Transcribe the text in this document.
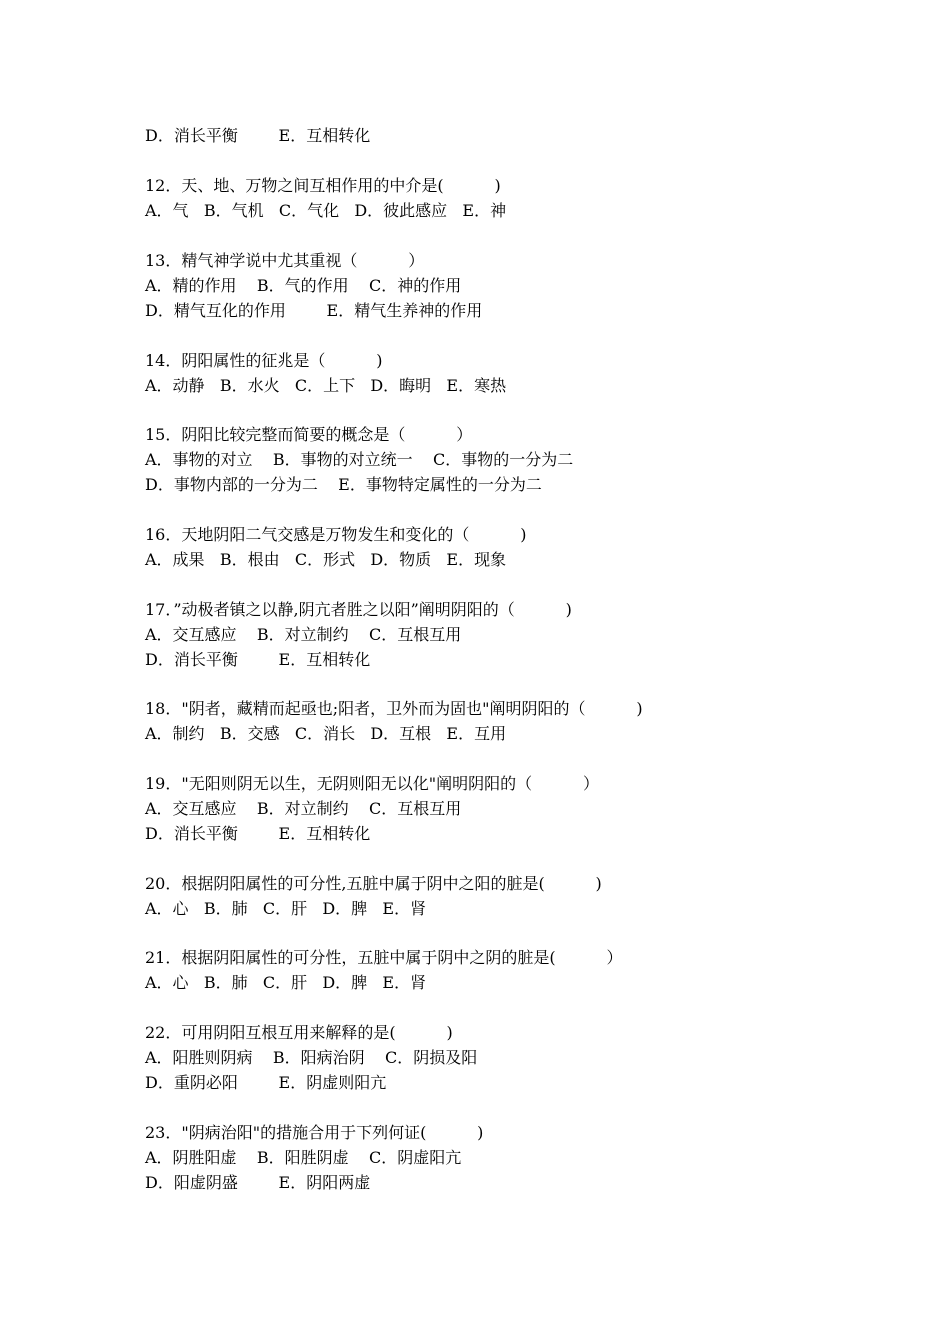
D．消长平衡        E．互相转化
12．天、地、万物之间互相作用的中介是(          )
A．气   B．气机   C．气化   D．彼此感应   E．神
13．精气神学说中尤其重视（          ）
A．精的作用    B．气的作用    C．神的作用
D．精气互化的作用        E．精气生养神的作用
14．阴阳属性的征兆是（          )
A．动静   B．水火   C．上下   D．晦明   E．寒热
15．阴阳比较完整而简要的概念是（          ）
A．事物的对立    B．事物的对立统一    C．事物的一分为二
D．事物内部的一分为二    E．事物特定属性的一分为二
16．天地阴阳二气交感是万物发生和变化的（          )
A．成果   B．根由   C．形式   D．物质   E．现象
17．”动极者镇之以静,阴亢者胜之以阳”阐明阴阳的（          )
A．交互感应    B．对立制约    C．互根互用
D．消长平衡        E．互相转化
18．"阴者，藏精而起亟也;阳者，卫外而为固也"阐明阴阳的（          )
A．制约   B．交感   C．消长   D．互根   E．互用
19．"无阳则阴无以生，无阴则阳无以化"阐明阴阳的（          ）
A．交互感应    B．对立制约    C．互根互用
D．消长平衡        E．互相转化
20．根据阴阳属性的可分性,五脏中属于阴中之阳的脏是(          )
A．心   B．肺   C．肝   D．脾   E．肾
21．根据阴阳属性的可分性，五脏中属于阴中之阴的脏是(          ）
A．心   B．肺   C．肝   D．脾   E．肾
22．可用阴阳互根互用来解释的是(          )
A．阳胜则阴病    B．阳病治阴    C．阴损及阳
D．重阴必阳        E．阴虚则阳亢
23．"阴病治阳"的措施合用于下列何证(          )
A．阴胜阳虚    B．阳胜阴虚    C．阴虚阳亢
D．阳虚阴盛        E．阴阳两虚
